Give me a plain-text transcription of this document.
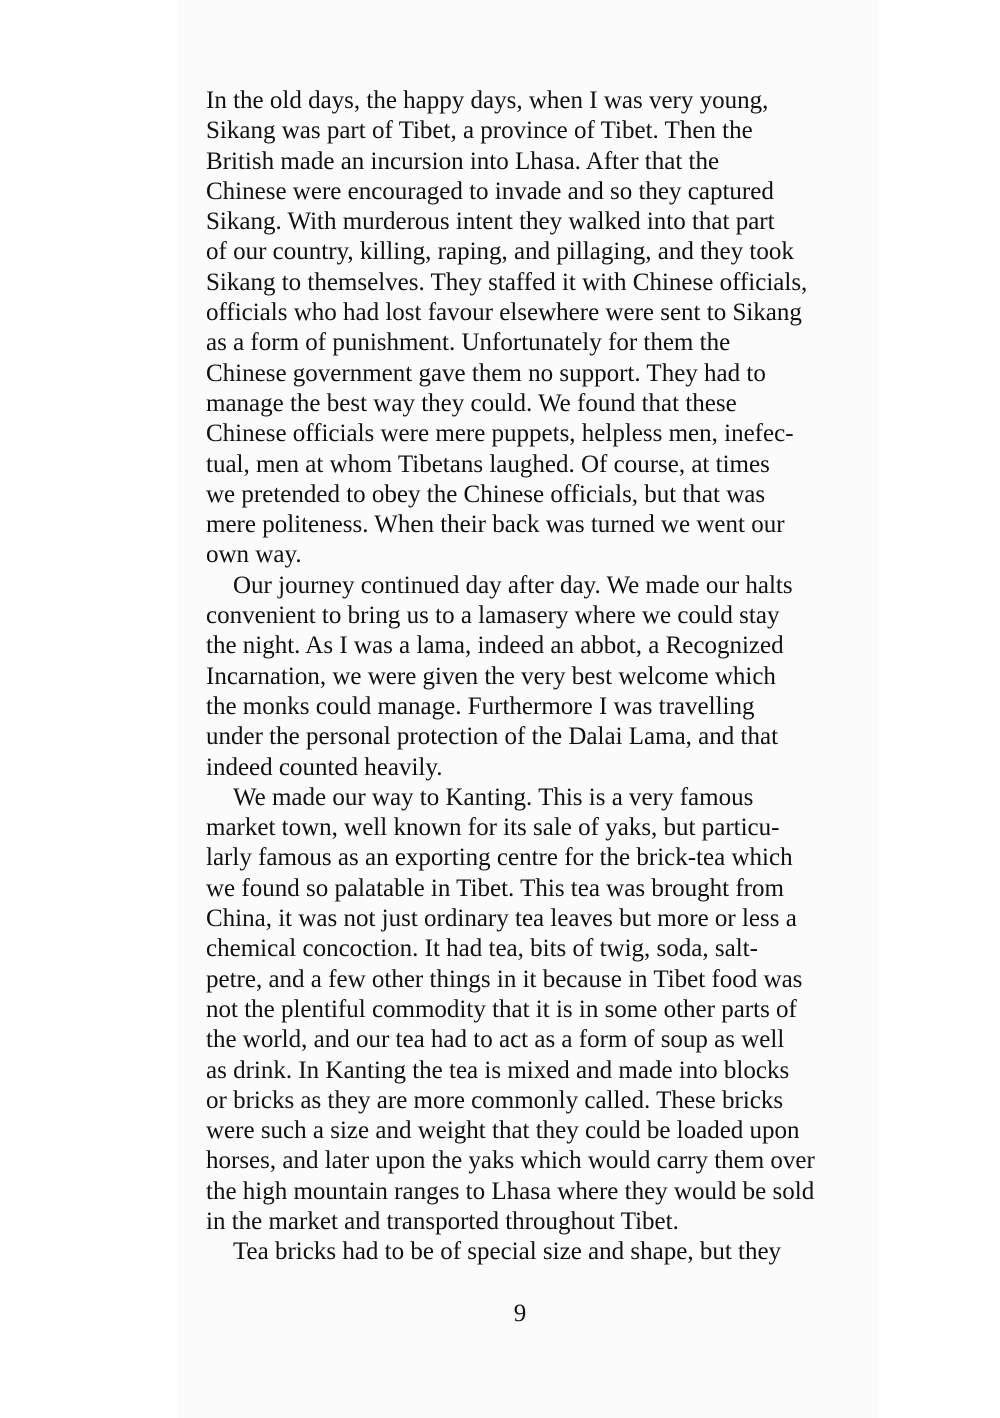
In the old days, the happy days, when I was very young,
Sikang was part of Tibet, a province of Tibet. Then the
British made an incursion into Lhasa. After that the
Chinese were encouraged to invade and so they captured
Sikang. With murderous intent they walked into that part
of our country, killing, raping, and pillaging, and they took
Sikang to themselves. They staffed it with Chinese officials,
officials who had lost favour elsewhere were sent to Sikang
as a form of punishment. Unfortunately for them the
Chinese government gave them no support. They had to
manage the best way they could. We found that these
Chinese officials were mere puppets, helpless men, inefec-
tual, men at whom Tibetans laughed. Of course, at times
we pretended to obey the Chinese officials, but that was
mere politeness. When their back was turned we went our
own way.
Our journey continued day after day. We made our halts
convenient to bring us to a lamasery where we could stay
the night. As I was a lama, indeed an abbot, a Recognized
Incarnation, we were given the very best welcome which
the monks could manage. Furthermore I was travelling
under the personal protection of the Dalai Lama, and that
indeed counted heavily.
We made our way to Kanting. This is a very famous
market town, well known for its sale of yaks, but particu-
larly famous as an exporting centre for the brick-tea which
we found so palatable in Tibet. This tea was brought from
China, it was not just ordinary tea leaves but more or less a
chemical concoction. It had tea, bits of twig, soda, salt-
petre, and a few other things in it because in Tibet food was
not the plentiful commodity that it is in some other parts of
the world, and our tea had to act as a form of soup as well
as drink. In Kanting the tea is mixed and made into blocks
or bricks as they are more commonly called. These bricks
were such a size and weight that they could be loaded upon
horses, and later upon the yaks which would carry them over
the high mountain ranges to Lhasa where they would be sold
in the market and transported throughout Tibet.
Tea bricks had to be of special size and shape, but they
9
